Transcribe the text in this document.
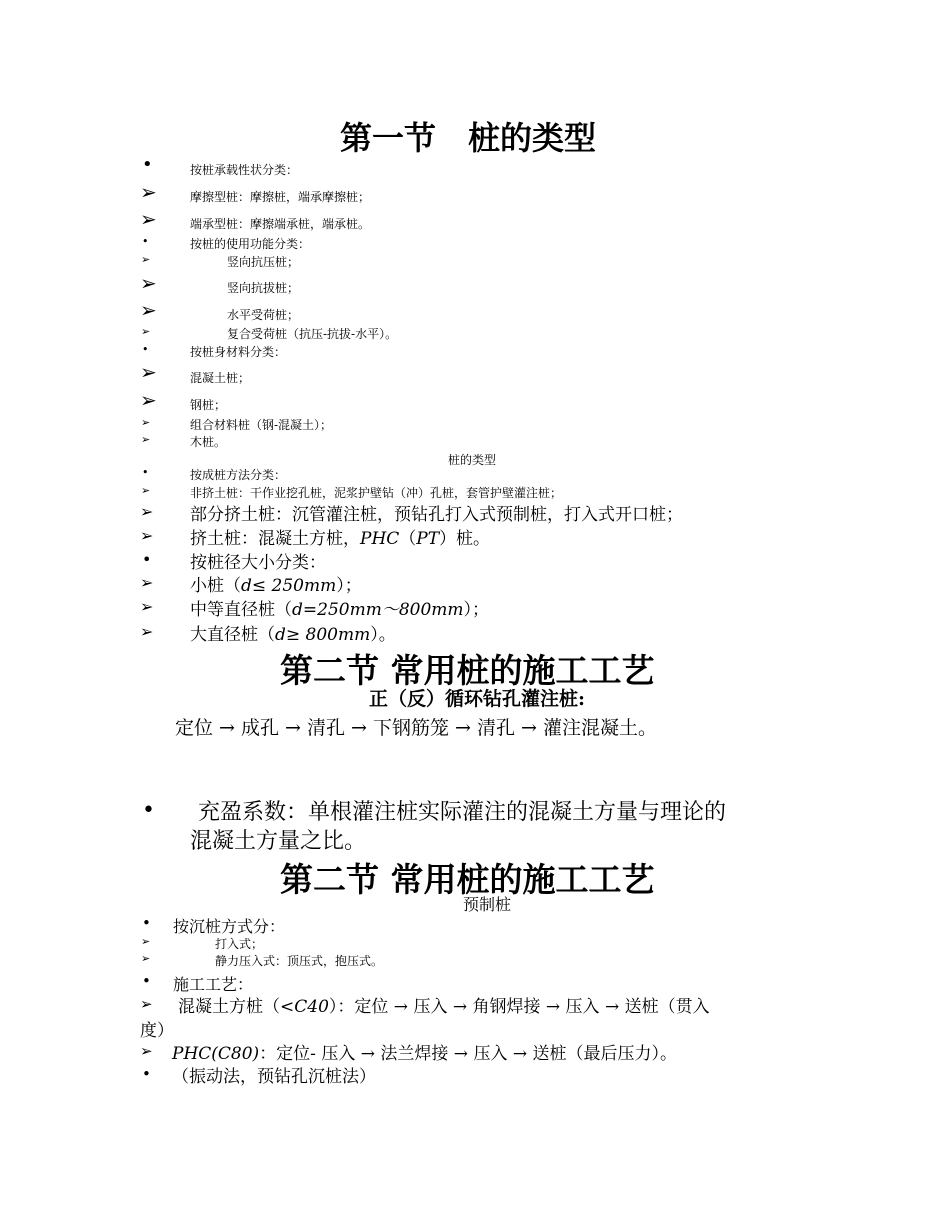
第一节　桩的类型
•	按桩承载性状分类：
➢	摩擦型桩：摩擦桩，端承摩擦桩；
➢	端承型桩：摩擦端承桩，端承桩。
•	按桩的使用功能分类：
➢	竖向抗压桩；
➢	竖向抗拔桩；
➢	水平受荷桩；
➢	复合受荷桩（抗压-抗拔-水平）。
•	按桩身材料分类：
➢	混凝土桩；
➢	钢桩；
➢	组合材料桩（钢-混凝土）；
➢	木桩。
桩的类型
•	按成桩方法分类：
➢	非挤土桩：干作业挖孔桩，泥浆护壁钻（冲）孔桩，套管护壁灌注桩；
➢ 部分挤土桩：沉管灌注桩，预钻孔打入式预制桩，打入式开口桩；
➢ 挤土桩：混凝土方桩，PHC（PT）桩。
• 按桩径大小分类：
➢ 小桩（d≤ 250mm）；
➢ 中等直径桩（d=250mm～800mm）；
➢ 大直径桩（d≥ 800mm）。
第二节 常用桩的施工工艺
正（反）循环钻孔灌注桩:
定位 → 成孔 → 清孔 → 下钢筋笼 → 清孔 → 灌注混凝土。
• 充盈系数：单根灌注桩实际灌注的混凝土方量与理论的
混凝土方量之比。
第二节 常用桩的施工工艺
预制桩
• 按沉桩方式分：
➢	打入式；
➢	静力压入式：顶压式，抱压式。
• 施工工艺：
➢ 混凝土方桩（<C40）：定位 → 压入 → 角钢焊接 → 压入 → 送桩（贯入
度）
➢ PHC(C80)：定位- 压入 → 法兰焊接 → 压入 → 送桩（最后压力）。
• （振动法，预钻孔沉桩法）
